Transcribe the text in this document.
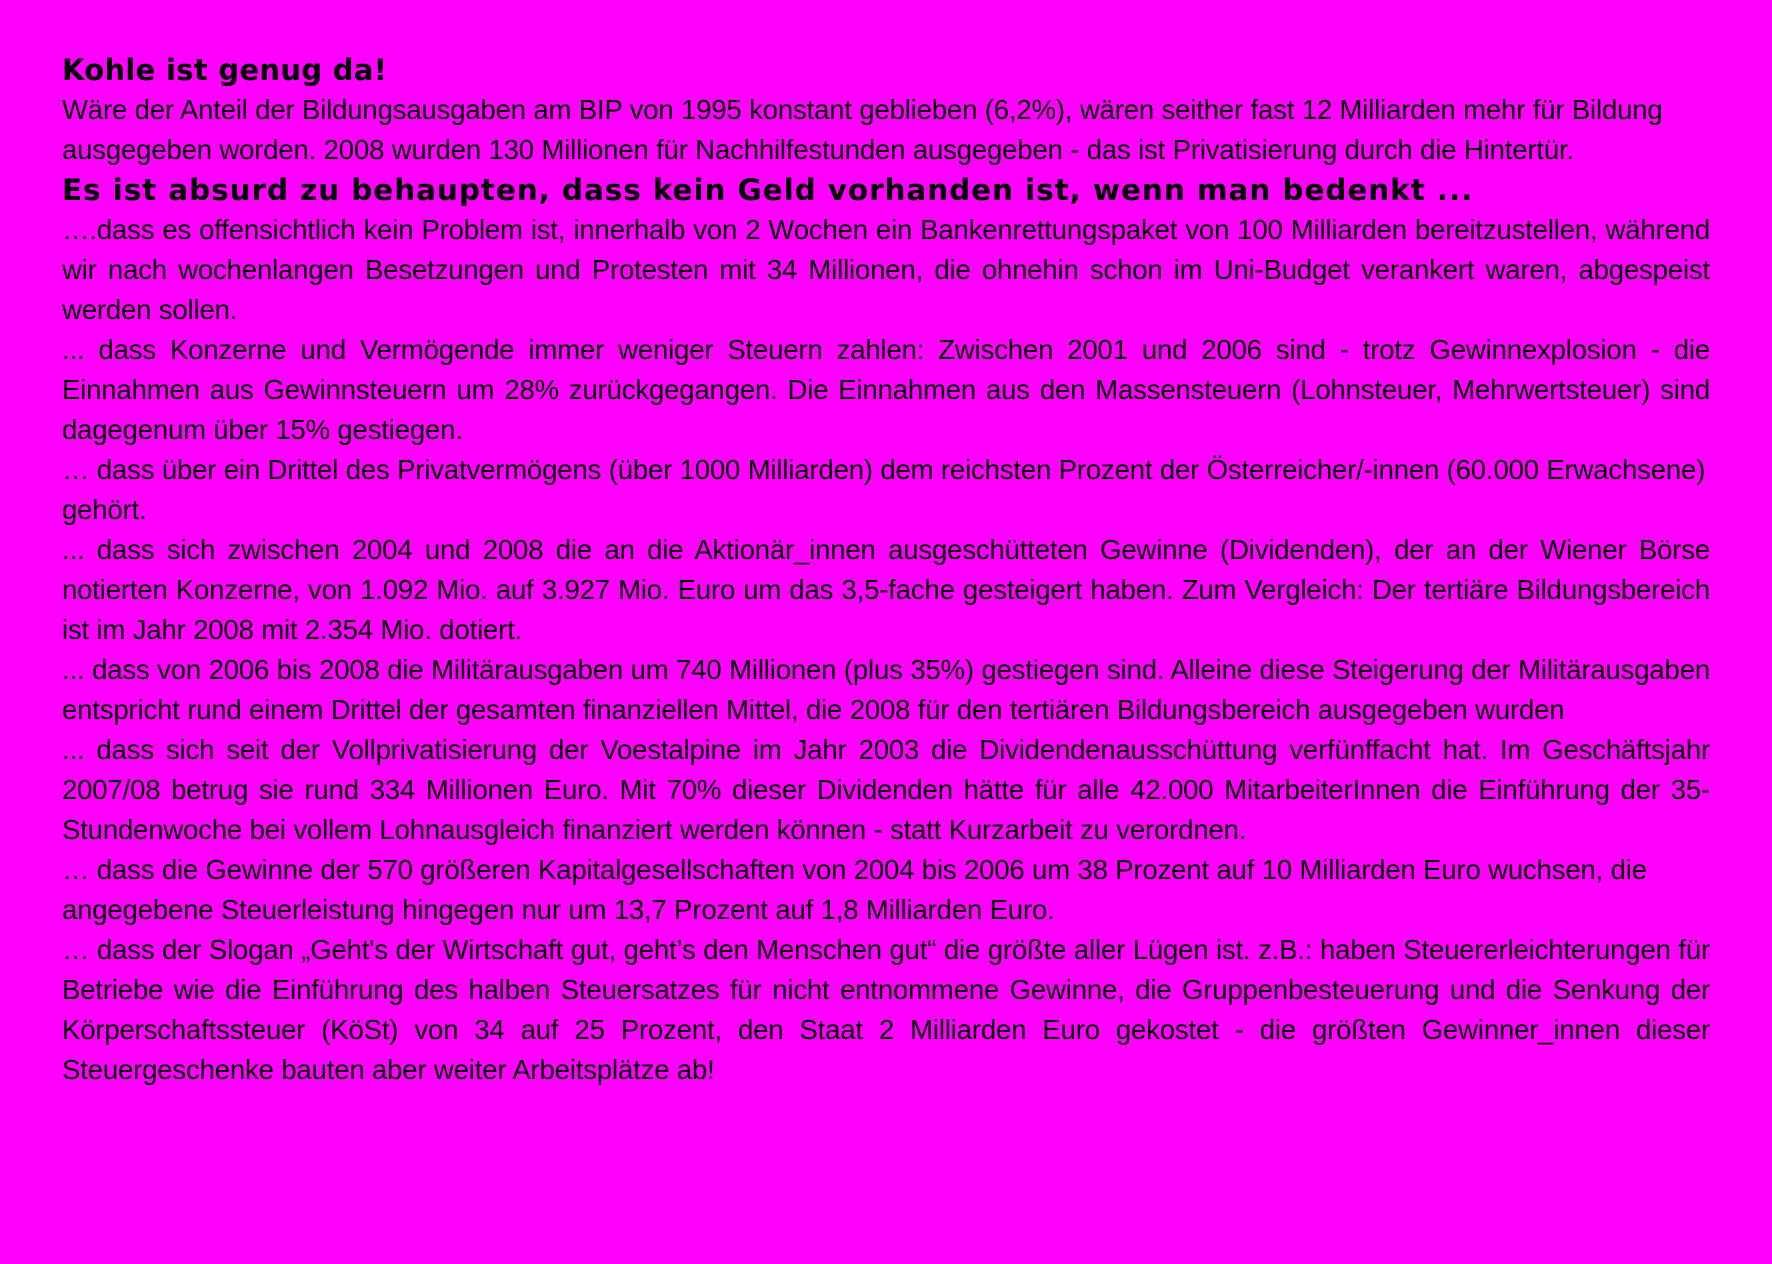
Kohle ist genug da!

Wäre der Anteil der Bildungsausgaben am BIP von 1995 konstant geblieben (6,2%), wären seither fast 12 Milliarden mehr für Bildung ausgegeben worden. 2008 wurden 130 Millionen für Nachhilfestunden ausgegeben - das ist Privatisierung durch die Hintertür.

Es ist absurd zu behaupten, dass kein Geld vorhanden ist, wenn man bedenkt ...

….dass es offensichtlich kein Problem ist, innerhalb von 2 Wochen ein Bankenrettungspaket von 100 Milliarden bereitzustellen, während wir nach wochenlangen Besetzungen und Protesten mit 34 Millionen, die ohnehin schon im Uni-Budget verankert waren, abgespeist werden sollen.

... dass Konzerne und Vermögende immer weniger Steuern zahlen: Zwischen 2001 und 2006 sind - trotz Gewinnexplosion - die Einnahmen aus Gewinnsteuern um 28% zurückgegangen. Die Einnahmen aus den Massensteuern (Lohnsteuer, Mehrwertsteuer) sind dagegenum über 15% gestiegen.

… dass über ein Drittel des Privatvermögens (über 1000 Milliarden) dem reichsten Prozent der Österreicher/-innen (60.000 Erwachsene) gehört.

... dass sich zwischen 2004 und 2008 die an die Aktionär_innen ausgeschütteten Gewinne (Dividenden), der an der Wiener Börse notierten Konzerne, von 1.092 Mio. auf 3.927 Mio. Euro um das 3,5-fache gesteigert haben. Zum Vergleich: Der tertiäre Bildungsbereich ist im Jahr 2008 mit 2.354 Mio. dotiert.

... dass von 2006 bis 2008 die Militärausgaben um 740 Millionen (plus 35%) gestiegen sind. Alleine diese Steigerung der Militärausgaben entspricht rund einem Drittel der gesamten finanziellen Mittel, die 2008 für den tertiären Bildungsbereich ausgegeben wurden

... dass sich seit der Vollprivatisierung der Voestalpine im Jahr 2003 die Dividendenausschüttung verfünffacht hat. Im Geschäftsjahr 2007/08 betrug sie rund 334 Millionen Euro. Mit 70% dieser Dividenden hätte für alle 42.000 MitarbeiterInnen die Einführung der 35-Stundenwoche bei vollem Lohnausgleich finanziert werden können - statt Kurzarbeit zu verordnen.

… dass die Gewinne der 570 größeren Kapitalgesellschaften von 2004 bis 2006 um 38 Prozent auf 10 Milliarden Euro wuchsen, die angegebene Steuerleistung hingegen nur um 13,7 Prozent auf 1,8 Milliarden Euro.

… dass der Slogan „Geht's der Wirtschaft gut, geht’s den Menschen gut“ die größte aller Lügen ist. z.B.: haben Steuererleichterungen für Betriebe wie die Einführung des halben Steuersatzes für nicht entnommene Gewinne, die Gruppenbesteuerung und die Senkung der Körperschaftssteuer (KöSt) von 34 auf 25 Prozent, den Staat 2 Milliarden Euro gekostet - die größten Gewinner_innen dieser Steuergeschenke bauten aber weiter Arbeitsplätze ab!
